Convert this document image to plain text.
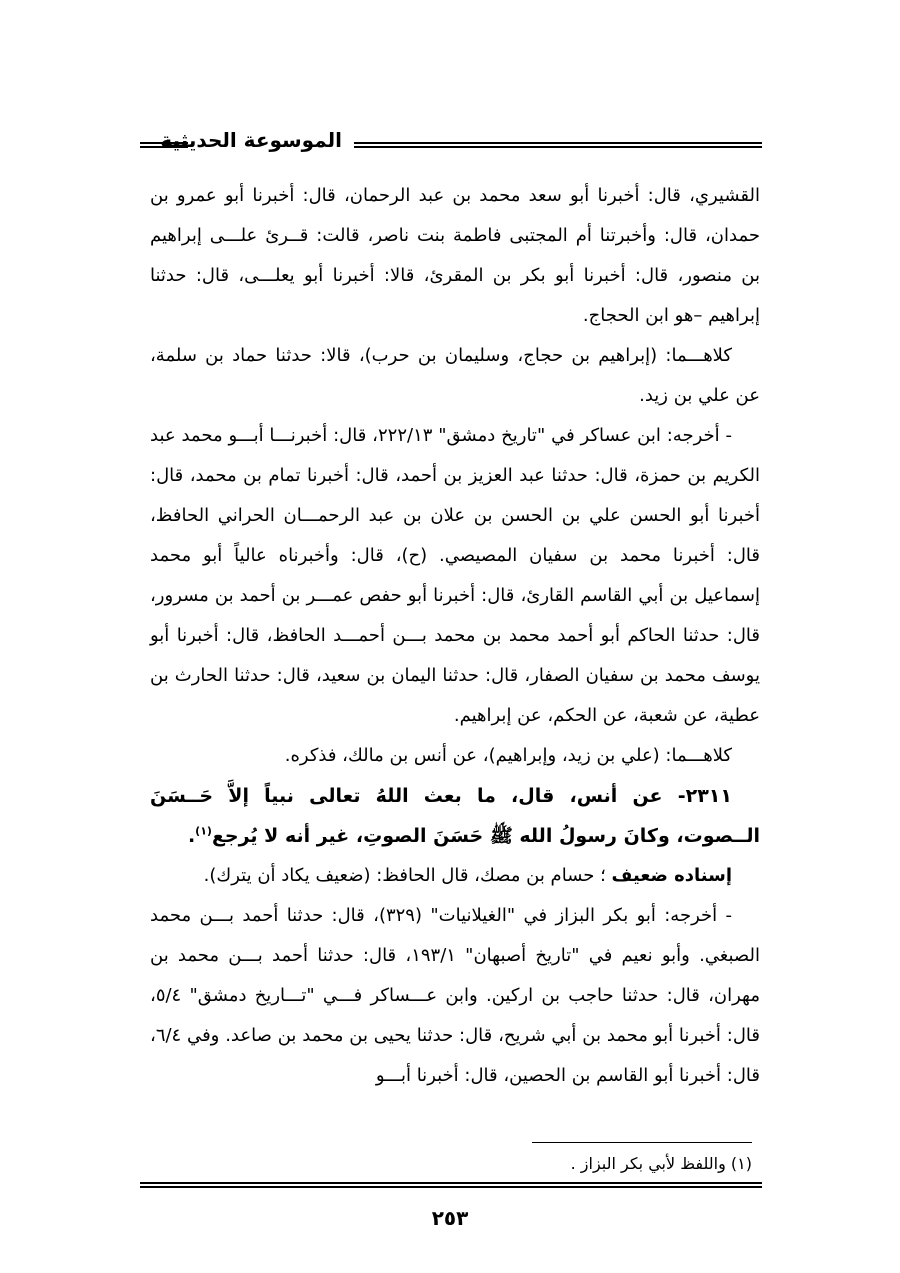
الموسوعة الحديثية

القشيري، قال: أخبرنا أبو سعد محمد بن عبد الرحمان، قال: أخبرنا أبو عمرو بن حمدان، قال: وأخبرتنا أم المجتبى فاطمة بنت ناصر، قالت: قــرئ علـــى إبراهيم بن منصور، قال: أخبرنا أبو بكر بن المقرئ، قالا: أخبرنا أبو يعلـــى، قال: حدثنا إبراهيم –هو ابن الحجاج.

كلاهـــما: (إبراهيم بن حجاج، وسليمان بن حرب)، قالا: حدثنا حماد بن سلمة، عن علي بن زيد.

- أخرجه: ابن عساكر في "تاريخ دمشق" ٢٢٢/١٣، قال: أخبرنـــا أبـــو محمد عبد الكريم بن حمزة، قال: حدثنا عبد العزيز بن أحمد، قال: أخبرنا تمام بن محمد، قال: أخبرنا أبو الحسن علي بن الحسن بن علان بن عبد الرحمـــان الحراني الحافظ، قال: أخبرنا محمد بن سفيان المصيصي. (ح)، قال: وأخبرناه عالياً أبو محمد إسماعيل بن أبي القاسم القارئ، قال: أخبرنا أبو حفص عمـــر بن أحمد بن مسرور، قال: حدثنا الحاكم أبو أحمد محمد بن محمد بـــن أحمـــد الحافظ، قال: أخبرنا أبو يوسف محمد بن سفيان الصفار، قال: حدثنا اليمان بن سعيد، قال: حدثنا الحارث بن عطية، عن شعبة، عن الحكم، عن إبراهيم.

كلاهـــما: (علي بن زيد، وإبراهيم)، عن أنس بن مالك، فذكره.

٢٣١١- عن أنس، قال، ما بعث اللهُ تعالى نبياً إلاَّ حَــسَنَ الــصوت، وكانَ رسولُ الله ﷺ حَسَنَ الصوتِ، غير أنه لا يُرجع$^{(١)}$.

إسناده ضعيف ؛ حسام بن مصك، قال الحافظ: (ضعيف يكاد أن يترك).

- أخرجه: أبو بكر البزاز في "الغيلانيات" (٣٢٩)، قال: حدثنا أحمد بـــن محمد الصبغي. وأبو نعيم في "تاريخ أصبهان" ١٩٣/١، قال: حدثنا أحمد بـــن محمد بن مهران، قال: حدثنا حاجب بن اركين. وابن عـــساكر فـــي "تـــاريخ دمشق" ٥/٤، قال: أخبرنا أبو محمد بن أبي شريح، قال: حدثنا يحيى بن محمد بن صاعد. وفي ٦/٤، قال: أخبرنا أبو القاسم بن الحصين، قال: أخبرنا أبـــو

(١) واللفظ لأبي بكر البزاز .
٢٥٣
